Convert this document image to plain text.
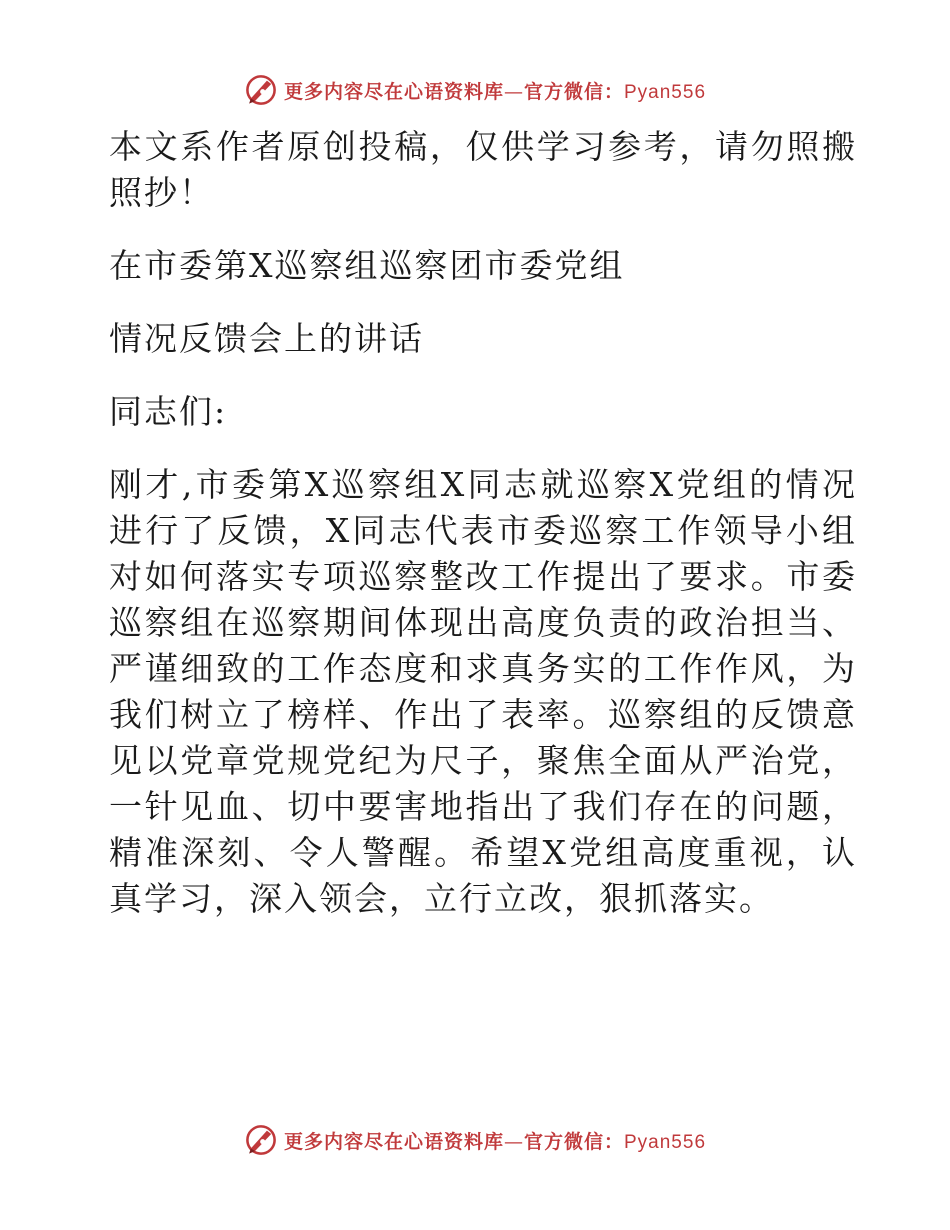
更多内容尽在心语资料库—官方微信：Pyan556

本文系作者原创投稿，仅供学习参考，请勿照搬照抄！

在市委第X巡察组巡察团市委党组

情况反馈会上的讲话

同志们:

刚才,市委第X巡察组X同志就巡察X党组的情况进行了反馈，X同志代表市委巡察工作领导小组对如何落实专项巡察整改工作提出了要求。市委巡察组在巡察期间体现出高度负责的政治担当、严谨细致的工作态度和求真务实的工作作风，为我们树立了榜样、作出了表率。巡察组的反馈意见以党章党规党纪为尺子，聚焦全面从严治党，一针见血、切中要害地指出了我们存在的问题，精准深刻、令人警醒。希望X党组高度重视，认真学习，深入领会，立行立改，狠抓落实。

更多内容尽在心语资料库—官方微信：Pyan556
